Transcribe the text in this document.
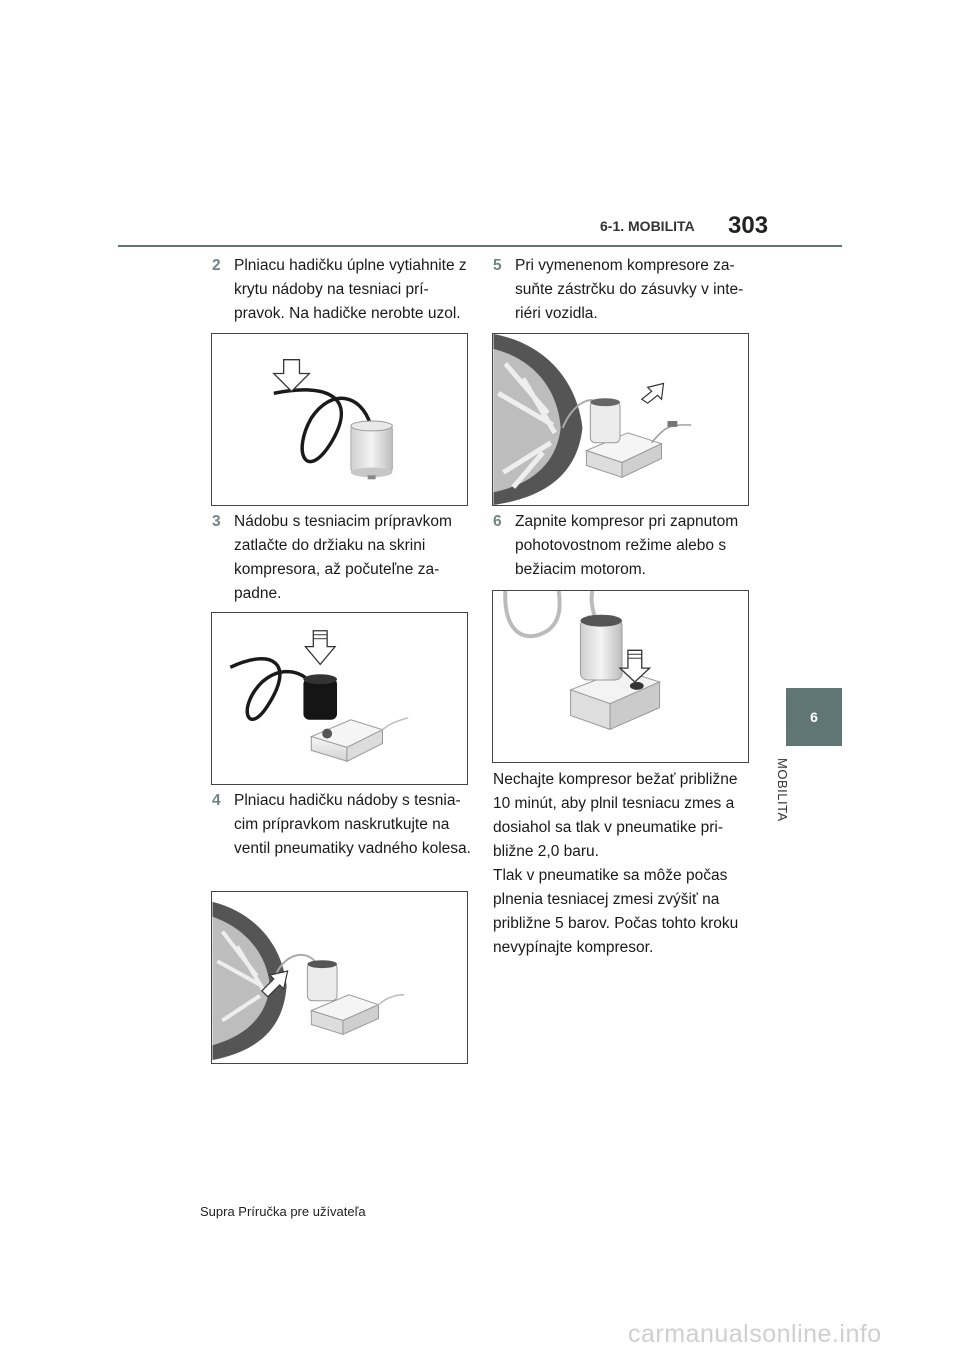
6-1. MOBILITA 303
6
MOBILITA
2 Plniacu hadičku úplne vytiahnite z krytu nádoby na tesniaci prí-pravok. Na hadičke nerobte uzol.
3 Nádobu s tesniacim prípravkom zatlačte do držiaku na skrini kompresora, až počuteľne za-padne.
4 Plniacu hadičku nádoby s tesnia-cim prípravkom naskrutkujte na ventil pneumatiky vadného kolesa.
5 Pri vymenenom kompresore za-suňte zástrčku do zásuvky v inte-riéri vozidla.
6 Zapnite kompresor pri zapnutom pohotovostnom režime alebo s bežiacim motorom.
Nechajte kompresor bežať približne 10 minút, aby plnil tesniacu zmes a dosiahol sa tlak v pneumatike pri-bližne 2,0 baru.
Tlak v pneumatike sa môže počas plnenia tesniacej zmesi zvýšiť na približne 5 barov. Počas tohto kroku nevypínajte kompresor.
Supra Príručka pre užívateľa
carmanualsonline.info
